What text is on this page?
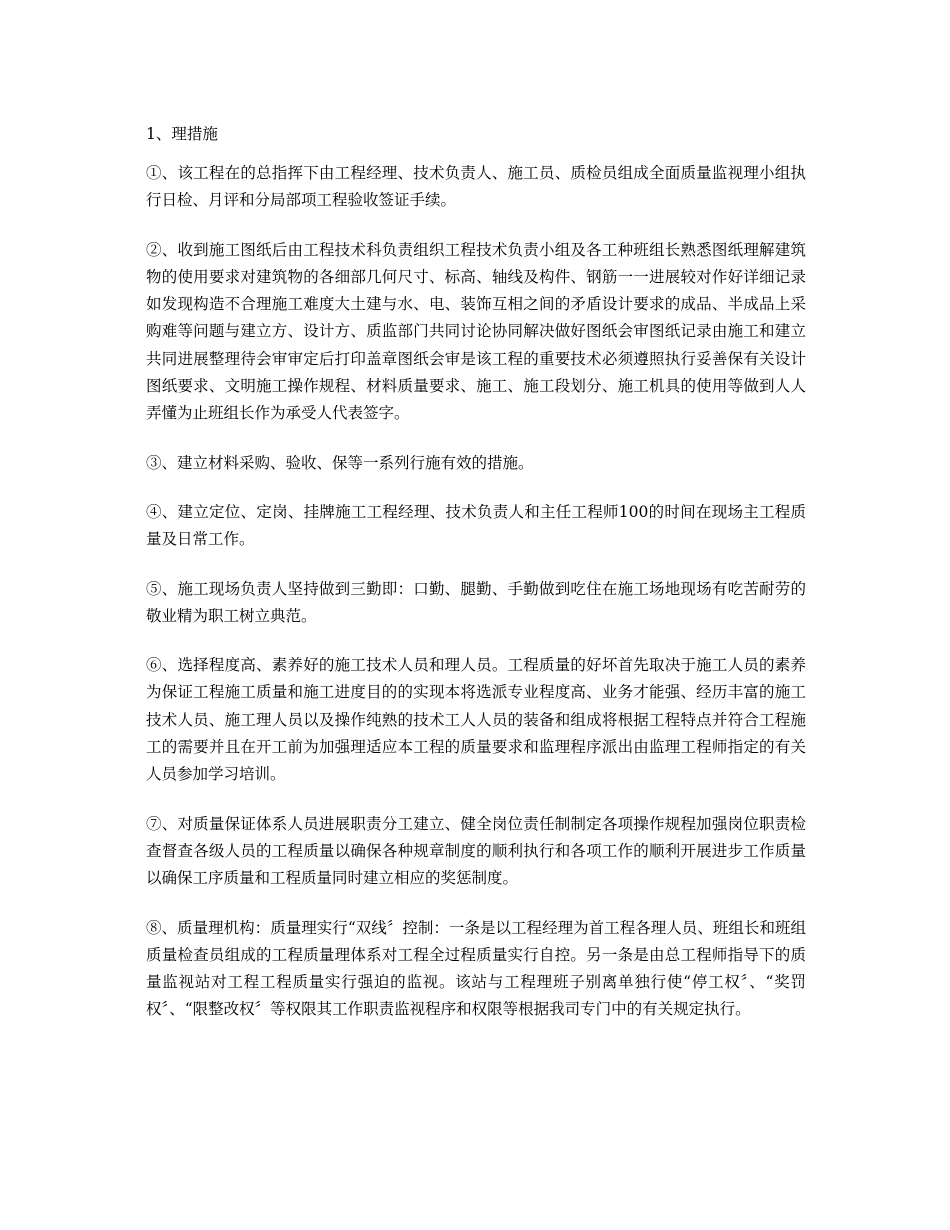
1、理措施

①、该工程在的总指挥下由工程经理、技术负责人、施工员、质检员组成全面质量监视理小组执行日检、月评和分局部项工程验收签证手续。

②、收到施工图纸后由工程技术科负责组织工程技术负责小组及各工种班组长熟悉图纸理解建筑物的使用要求对建筑物的各细部几何尺寸、标高、轴线及构件、钢筋一一进展较对作好详细记录如发现构造不合理施工难度大土建与水、电、装饰互相之间的矛盾设计要求的成品、半成品上采购难等问题与建立方、设计方、质监部门共同讨论协同解决做好图纸会审图纸记录由施工和建立共同进展整理待会审审定后打印盖章图纸会审是该工程的重要技术必须遵照执行妥善保有关设计图纸要求、文明施工操作规程、材料质量要求、施工、施工段划分、施工机具的使用等做到人人弄懂为止班组长作为承受人代表签字。

③、建立材料采购、验收、保等一系列行施有效的措施。

④、建立定位、定岗、挂牌施工工程经理、技术负责人和主任工程师100的时间在现场主工程质量及日常工作。

⑤、施工现场负责人坚持做到三勤即：口勤、腿勤、手勤做到吃住在施工场地现场有吃苦耐劳的敬业精为职工树立典范。

⑥、选择程度高、素养好的施工技术人员和理人员。工程质量的好坏首先取决于施工人员的素养为保证工程施工质量和施工进度目的的实现本将选派专业程度高、业务才能强、经历丰富的施工技术人员、施工理人员以及操作纯熟的技术工人人员的装备和组成将根据工程特点并符合工程施工的需要并且在开工前为加强理适应本工程的质量要求和监理程序派出由监理工程师指定的有关人员参加学习培训。

⑦、对质量保证体系人员进展职责分工建立、健全岗位责任制制定各项操作规程加强岗位职责检查督查各级人员的工程质量以确保各种规章制度的顺利执行和各项工作的顺利开展进步工作质量以确保工序质量和工程质量同时建立相应的奖惩制度。

⑧、质量理机构：质量理实行“双线〞控制：一条是以工程经理为首工程各理人员、班组长和班组质量检查员组成的工程质量理体系对工程全过程质量实行自控。另一条是由总工程师指导下的质量监视站对工程工程质量实行强迫的监视。该站与工程理班子别离单独行使“停工权〞、“奖罚权〞、“限整改权〞等权限其工作职责监视程序和权限等根据我司专门中的有关规定执行。
